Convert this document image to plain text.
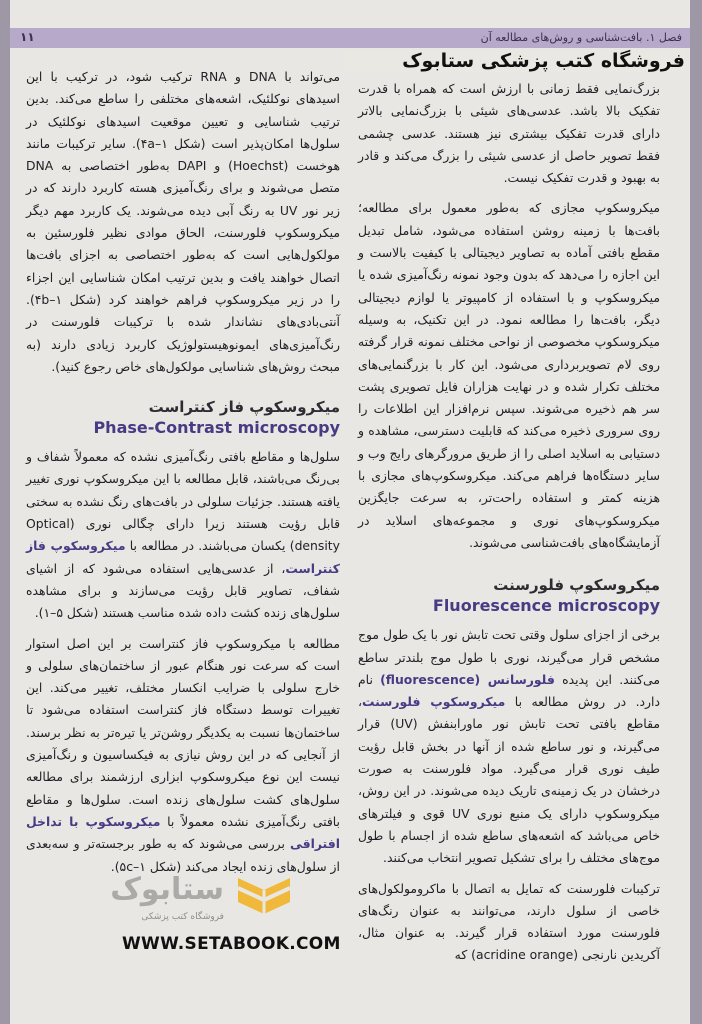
فصل ۱. بافت‌شناسی و روش‌های مطالعه آن
۱۱
فروشگاه کتب پزشکی ستابوک

بزرگ‌نمایی فقط زمانی با ارزش است که همراه با قدرت تفکیک بالا باشد. عدسی‌های شیئی با بزرگ‌نمایی بالاتر دارای قدرت تفکیک بیشتری نیز هستند. عدسی چشمی فقط تصویر حاصل از عدسی شیئی را بزرگ می‌کند و قادر به بهبود و قدرت تفکیک نیست.

میکروسکوپ مجازی که به‌طور معمول برای مطالعه؛ بافت‌ها با زمینه روشن استفاده می‌شود، شامل تبدیل مقطع بافتی آماده به تصاویر دیجیتالی با کیفیت بالاست و این اجازه را می‌دهد که بدون وجود نمونه رنگ‌آمیزی شده یا میکروسکوپ و با استفاده از کامپیوتر یا لوازم دیجیتالی دیگر، بافت‌ها را مطالعه نمود. در این تکنیک، به وسیله میکروسکوپ مخصوصی از نواحی مختلف نمونه قرار گرفته روی لام تصویربرداری می‌شود. این کار با بزرگنمایی‌های مختلف تکرار شده و در نهایت هزاران فایل تصویری پشت سر هم ذخیره می‌شوند. سپس نرم‌افزار این اطلاعات را روی سروری ذخیره می‌کند که قابلیت دسترسی، مشاهده و دستیابی به اسلاید اصلی را از طریق مرورگرهای رایج وب و سایر دستگاه‌ها فراهم می‌کند. میکروسکوپ‌های مجازی با هزینه کمتر و استفاده راحت‌تر، به سرعت جایگزین میکروسکوپ‌های نوری و مجموعه‌های اسلاید در آزمایشگاه‌های بافت‌شناسی می‌شوند.

میکروسکوپ فلورسنت

Fluorescence microscopy

برخی از اجزای سلول وقتی تحت تابش نور با یک طول موج مشخص قرار می‌گیرند، نوری با طول موج بلندتر ساطع می‌کنند. این پدیده فلورسانس (fluorescence) نام دارد. در روش مطالعه با میکروسکوپ فلورسنت، مقاطع بافتی تحت تابش نور ماورابنفش (UV) قرار می‌گیرند، و نور ساطع شده از آنها در بخش قابل رؤیت طیف نوری قرار می‌گیرد. مواد فلورسنت به صورت درخشان در یک زمینه‌ی تاریک دیده می‌شوند. در این روش، میکروسکوپ دارای یک منبع نوری UV قوی و فیلترهای خاص می‌باشد که اشعه‌های ساطع شده از اجسام با طول موج‌های مختلف را برای تشکیل تصویر انتخاب می‌کنند.

ترکیبات فلورسنت که تمایل به اتصال با ماکرومولکول‌های خاصی از سلول دارند، می‌توانند به عنوان رنگ‌های فلورسنت مورد استفاده قرار گیرند. به عنوان مثال، آکریدین نارنجی (acridine orange) که

می‌تواند با DNA و RNA ترکیب شود، در ترکیب با این اسیدهای نوکلئیک، اشعه‌های مختلفی را ساطع می‌کند. بدین ترتیب شناسایی و تعیین موقعیت اسیدهای نوکلئیک در سلول‌ها امکان‌پذیر است (شکل ۴a–۱). سایر ترکیبات مانند هوخست (Hoechst) و DAPI به‌طور اختصاصی به DNA متصل می‌شوند و برای رنگ‌آمیزی هسته کاربرد دارند که در زیر نور UV به رنگ آبی دیده می‌شوند. یک کاربرد مهم دیگر میکروسکوپ فلورسنت، الحاق موادی نظیر فلورسئین به مولکول‌هایی است که به‌طور اختصاصی به اجزای بافت‌ها اتصال خواهند یافت و بدین ترتیب امکان شناسایی این اجزاء را در زیر میکروسکوپ فراهم خواهند کرد (شکل ۴b–۱). آنتی‌بادی‌های نشاندار شده با ترکیبات فلورسنت در رنگ‌آمیزی‌های ایمونوهیستولوژیک کاربرد زیادی دارند (به مبحث روش‌های شناسایی مولکول‌های خاص رجوع کنید).

میکروسکوپ فاز کنتراست

Phase-Contrast microscopy

سلول‌ها و مقاطع بافتی رنگ‌آمیزی نشده که معمولاً شفاف و بی‌رنگ می‌باشند، قابل مطالعه با این میکروسکوپ نوری تغییر یافته هستند. جزئیات سلولی در بافت‌های رنگ نشده به سختی قابل رؤیت هستند زیرا دارای چگالی نوری (Optical density) یکسان می‌باشند. در مطالعه با میکروسکوپ فاز کنتراست، از عدسی‌هایی استفاده می‌شود که از اشیای شفاف، تصاویر قابل رؤیت می‌سازند و برای مشاهده سلول‌های زنده کشت داده شده مناسب هستند (شکل ۵–۱).

مطالعه با میکروسکوپ فاز کنتراست بر این اصل استوار است که سرعت نور هنگام عبور از ساختمان‌های سلولی و خارج سلولی با ضرایب انکسار مختلف، تغییر می‌کند. این تغییرات توسط دستگاه فاز کنتراست استفاده می‌شود تا ساختمان‌ها نسبت به یکدیگر روشن‌تر یا تیره‌تر به نظر برسند. از آنجایی که در این روش نیازی به فیکساسیون و رنگ‌آمیزی نیست این نوع میکروسکوپ ابزاری ارزشمند برای مطالعه سلول‌های کشت سلول‌های زنده است. سلول‌ها و مقاطع بافتی رنگ‌آمیزی نشده معمولاً با میکروسکوپ با تداخل افتراقی بررسی می‌شوند که به طور برجسته‌تر و سه‌بعدی از سلول‌های زنده ایجاد می‌کند (شکل ۵c–۱).

ستابوک
فروشگاه کتب پزشکی
WWW.SETABOOK.COM
